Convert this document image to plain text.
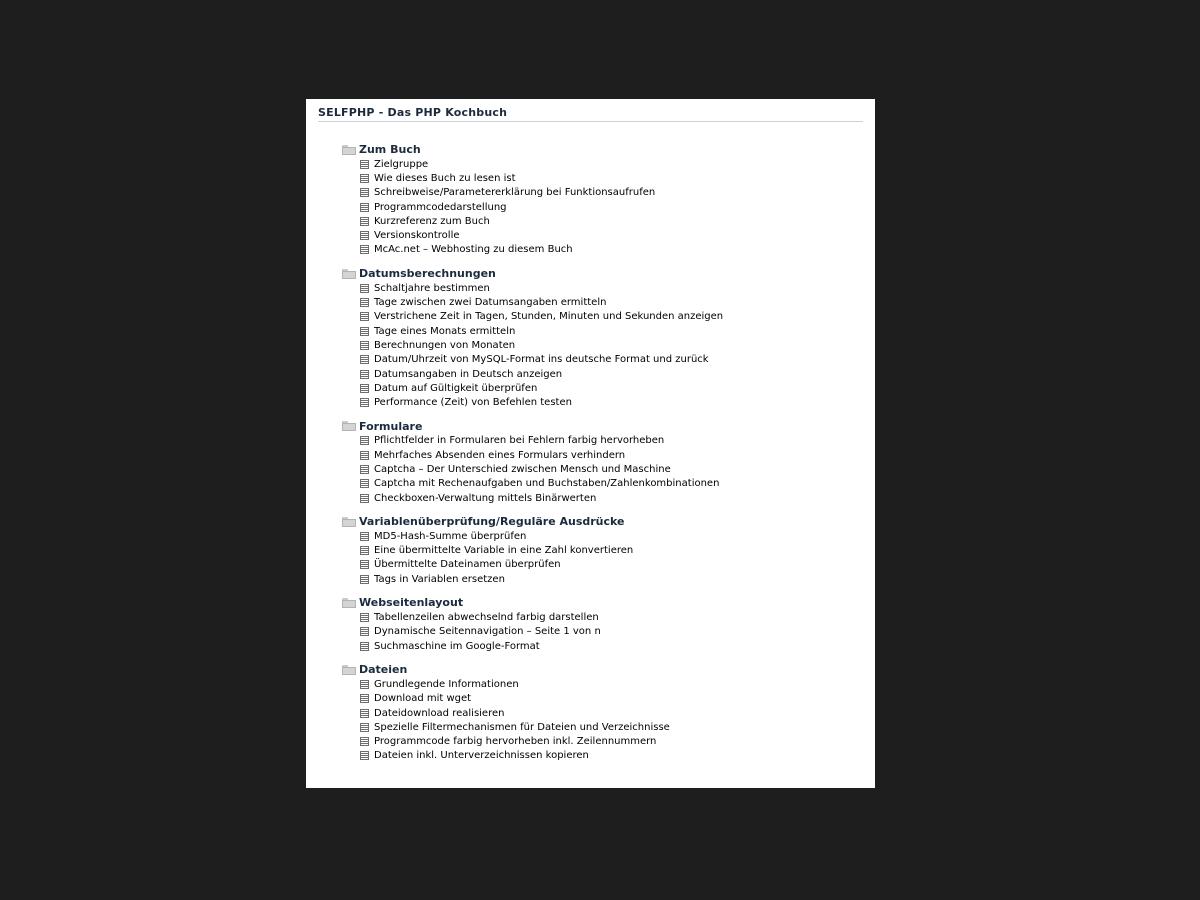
SELFPHP - Das PHP Kochbuch
Zum Buch
Zielgruppe
Wie dieses Buch zu lesen ist
Schreibweise/Parametererklärung bei Funktionsaufrufen
Programmcodedarstellung
Kurzreferenz zum Buch
Versionskontrolle
McAc.net – Webhosting zu diesem Buch
Datumsberechnungen
Schaltjahre bestimmen
Tage zwischen zwei Datumsangaben ermitteln
Verstrichene Zeit in Tagen, Stunden, Minuten und Sekunden anzeigen
Tage eines Monats ermitteln
Berechnungen von Monaten
Datum/Uhrzeit von MySQL-Format ins deutsche Format und zurück
Datumsangaben in Deutsch anzeigen
Datum auf Gültigkeit überprüfen
Performance (Zeit) von Befehlen testen
Formulare
Pflichtfelder in Formularen bei Fehlern farbig hervorheben
Mehrfaches Absenden eines Formulars verhindern
Captcha – Der Unterschied zwischen Mensch und Maschine
Captcha mit Rechenaufgaben und Buchstaben/Zahlenkombinationen
Checkboxen-Verwaltung mittels Binärwerten
Variablenüberprüfung/Reguläre Ausdrücke
MD5-Hash-Summe überprüfen
Eine übermittelte Variable in eine Zahl konvertieren
Übermittelte Dateinamen überprüfen
Tags in Variablen ersetzen
Webseitenlayout
Tabellenzeilen abwechselnd farbig darstellen
Dynamische Seitennavigation – Seite 1 von n
Suchmaschine im Google-Format
Dateien
Grundlegende Informationen
Download mit wget
Dateidownload realisieren
Spezielle Filtermechanismen für Dateien und Verzeichnisse
Programmcode farbig hervorheben inkl. Zeilennummern
Dateien inkl. Unterverzeichnissen kopieren
